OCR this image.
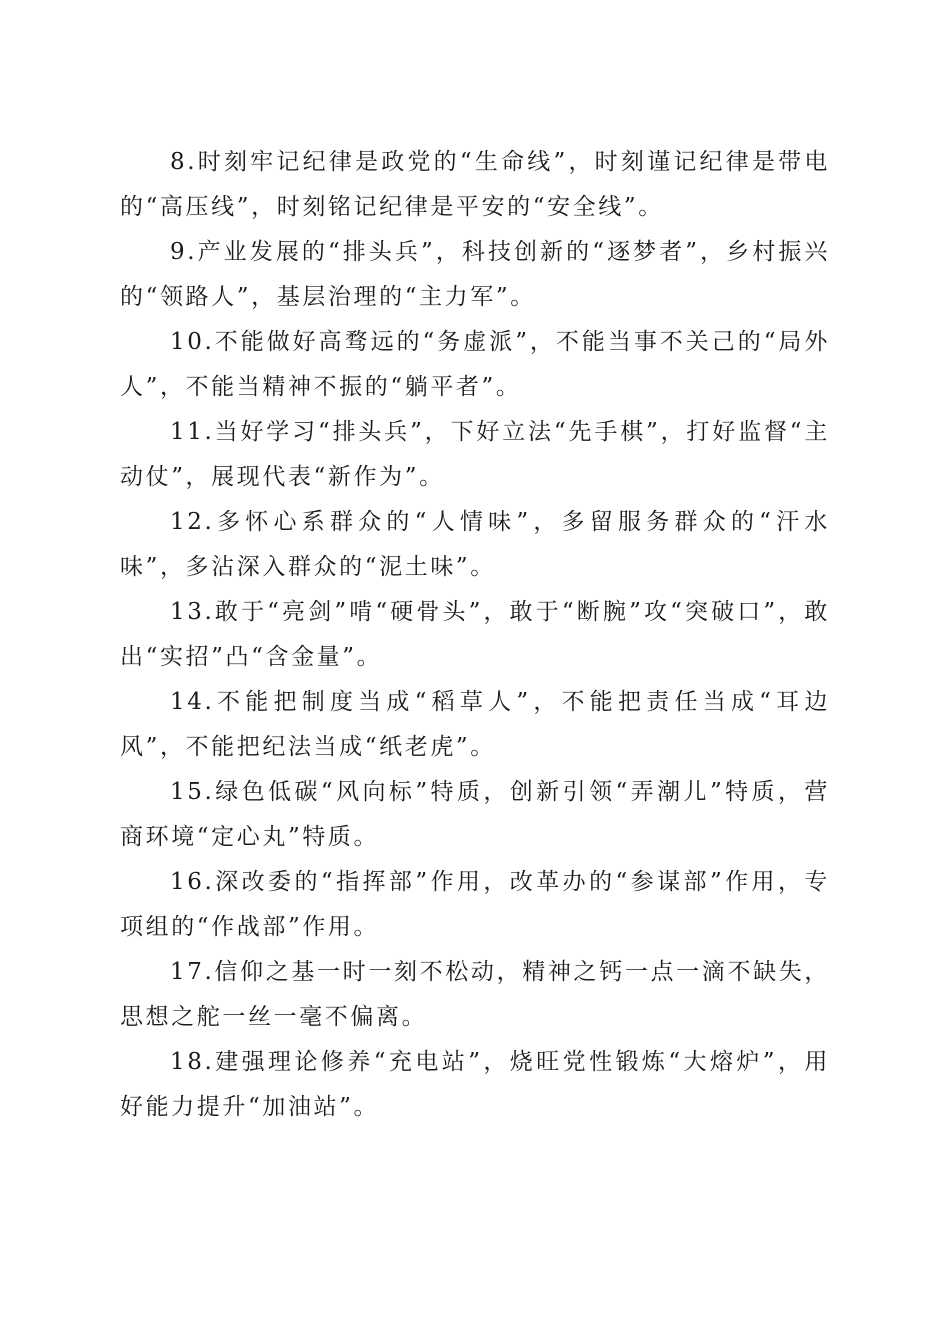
8.时刻牢记纪律是政党的“生命线”，时刻谨记纪律是带电的“高压线”，时刻铭记纪律是平安的“安全线”。

9.产业发展的“排头兵”，科技创新的“逐梦者”，乡村振兴的“领路人”，基层治理的“主力军”。

10.不能做好高骛远的“务虚派”，不能当事不关己的“局外人”，不能当精神不振的“躺平者”。

11.当好学习“排头兵”，下好立法“先手棋”，打好监督“主动仗”，展现代表“新作为”。

12.多怀心系群众的“人情味”，多留服务群众的“汗水味”，多沾深入群众的“泥土味”。

13.敢于“亮剑”啃“硬骨头”，敢于“断腕”攻“突破口”，敢出“实招”凸“含金量”。

14.不能把制度当成“稻草人”，不能把责任当成“耳边风”，不能把纪法当成“纸老虎”。

15.绿色低碳“风向标”特质，创新引领“弄潮儿”特质，营商环境“定心丸”特质。

16.深改委的“指挥部”作用，改革办的“参谋部”作用，专项组的“作战部”作用。

17.信仰之基一时一刻不松动，精神之钙一点一滴不缺失，思想之舵一丝一毫不偏离。

18.建强理论修养“充电站”，烧旺党性锻炼“大熔炉”，用好能力提升“加油站”。
